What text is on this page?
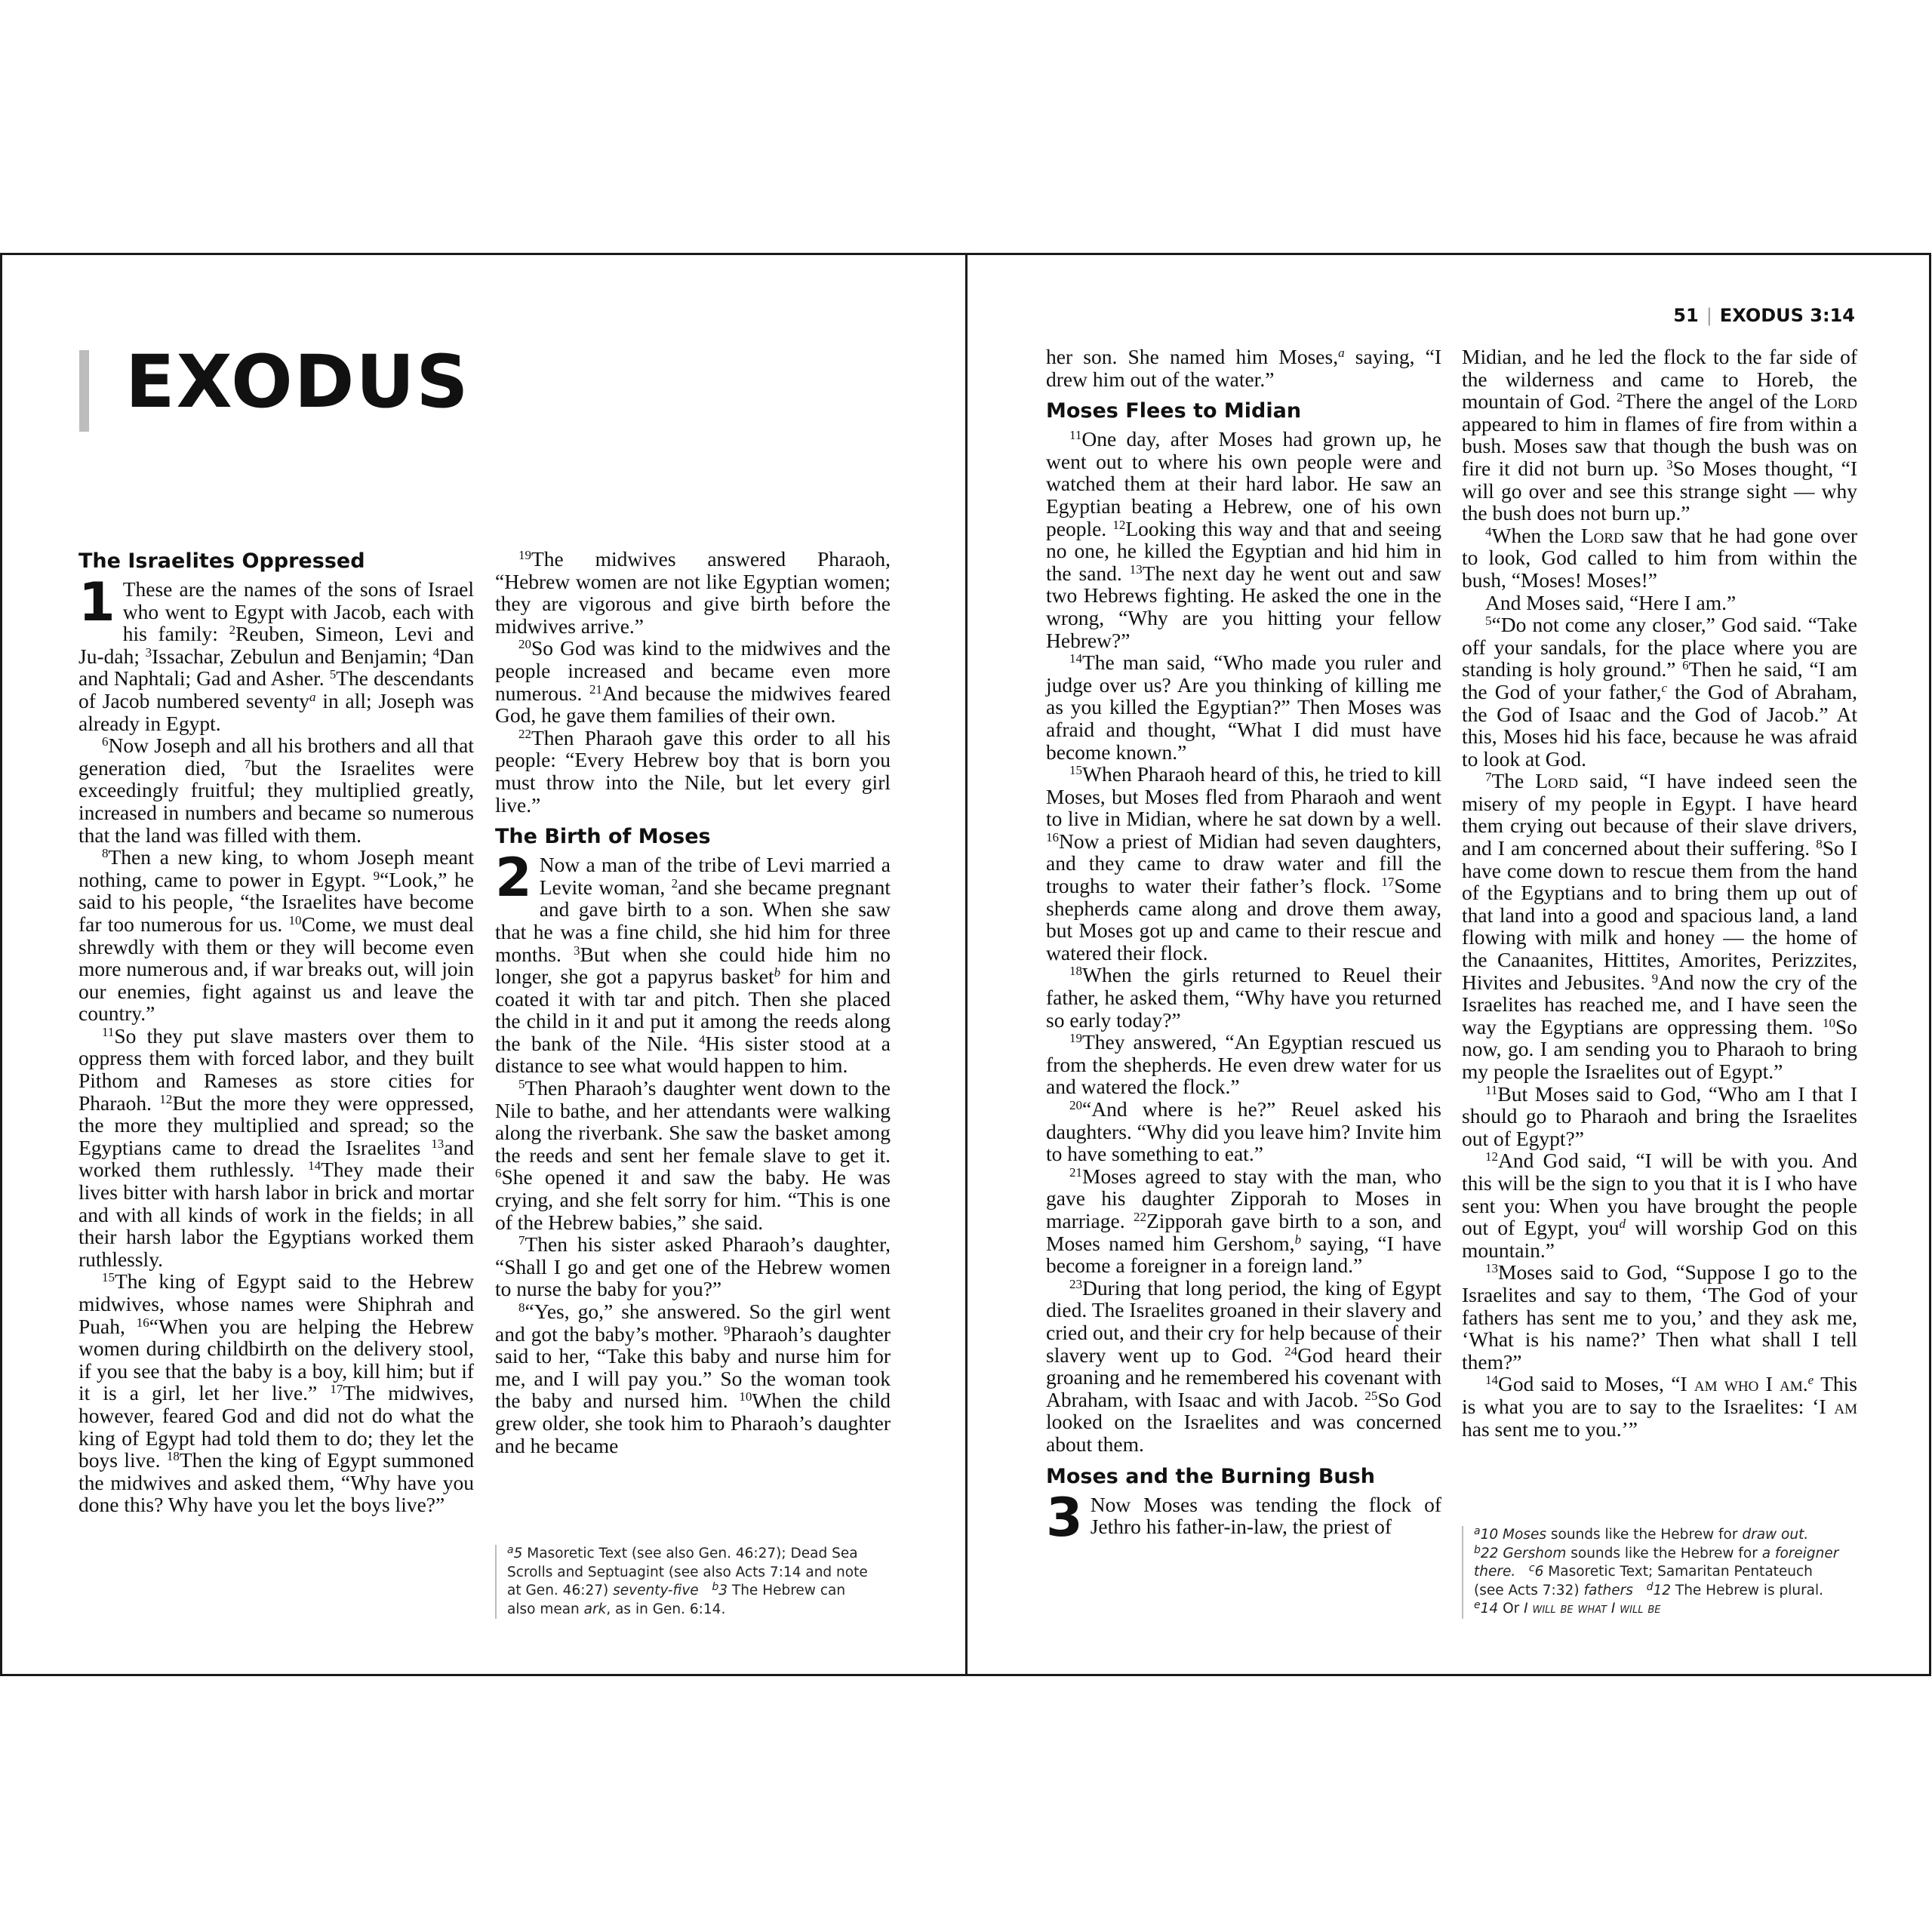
EXODUS
The Israelites Oppressed

1 These are the names of the sons of Israel who went to Egypt with Jacob, each with his family: $^2$Reuben, Simeon, Levi and Ju-dah; $^3$Issachar, Zebulun and Benjamin; $^4$Dan and Naphtali; Gad and Asher. $^5$The descendants of Jacob numbered seventy$^a$ in all; Joseph was already in Egypt.

$^6$Now Joseph and all his brothers and all that generation died, $^7$but the Israelites were exceedingly fruitful; they multiplied greatly, increased in numbers and became so numerous that the land was filled with them.

$^8$Then a new king, to whom Joseph meant nothing, came to power in Egypt. $^9$“Look,” he said to his people, “the Israelites have become far too numerous for us. $^{10}$Come, we must deal shrewdly with them or they will become even more numerous and, if war breaks out, will join our enemies, fight against us and leave the country.”

$^{11}$So they put slave masters over them to oppress them with forced labor, and they built Pithom and Rameses as store cities for Pharaoh. $^{12}$But the more they were oppressed, the more they multiplied and spread; so the Egyptians came to dread the Israelites $^{13}$and worked them ruthlessly. $^{14}$They made their lives bitter with harsh labor in brick and mortar and with all kinds of work in the fields; in all their harsh labor the Egyptians worked them ruthlessly.

$^{15}$The king of Egypt said to the Hebrew midwives, whose names were Shiphrah and Puah, $^{16}$“When you are helping the Hebrew women during childbirth on the delivery stool, if you see that the baby is a boy, kill him; but if it is a girl, let her live.” $^{17}$The midwives, however, feared God and did not do what the king of Egypt had told them to do; they let the boys live. $^{18}$Then the king of Egypt summoned the midwives and asked them, “Why have you done this? Why have you let the boys live?”

$^{19}$The midwives answered Pharaoh, “Hebrew women are not like Egyptian women; they are vigorous and give birth before the midwives arrive.”

$^{20}$So God was kind to the midwives and the people increased and became even more numerous. $^{21}$And because the midwives feared God, he gave them families of their own.

$^{22}$Then Pharaoh gave this order to all his people: “Every Hebrew boy that is born you must throw into the Nile, but let every girl live.”

The Birth of Moses

2 Now a man of the tribe of Levi married a Levite woman, $^2$and she became pregnant and gave birth to a son. When she saw that he was a fine child, she hid him for three months. $^3$But when she could hide him no longer, she got a papyrus basket$^b$ for him and coated it with tar and pitch. Then she placed the child in it and put it among the reeds along the bank of the Nile. $^4$His sister stood at a distance to see what would happen to him.

$^5$Then Pharaoh’s daughter went down to the Nile to bathe, and her attendants were walking along the riverbank. She saw the basket among the reeds and sent her female slave to get it. $^6$She opened it and saw the baby. He was crying, and she felt sorry for him. “This is one of the Hebrew babies,” she said.

$^7$Then his sister asked Pharaoh’s daughter, “Shall I go and get one of the Hebrew women to nurse the baby for you?”

$^8$“Yes, go,” she answered. So the girl went and got the baby’s mother. $^9$Pharaoh’s daughter said to her, “Take this baby and nurse him for me, and I will pay you.” So the woman took the baby and nursed him. $^{10}$When the child grew older, she took him to Pharaoh’s daughter and he became

$^a$5 Masoretic Text (see also Gen. 46:27); Dead Sea Scrolls and Septuagint (see also Acts 7:14 and note at Gen. 46:27) seventy-five $^b$3 The Hebrew can also mean ark, as in Gen. 6:14.
51 | EXODUS 3:14

her son. She named him Moses,$^a$ saying, “I drew him out of the water.”

Moses Flees to Midian

$^{11}$One day, after Moses had grown up, he went out to where his own people were and watched them at their hard labor. He saw an Egyptian beating a Hebrew, one of his own people. $^{12}$Looking this way and that and seeing no one, he killed the Egyptian and hid him in the sand. $^{13}$The next day he went out and saw two Hebrews fighting. He asked the one in the wrong, “Why are you hitting your fellow Hebrew?”

$^{14}$The man said, “Who made you ruler and judge over us? Are you thinking of killing me as you killed the Egyptian?” Then Moses was afraid and thought, “What I did must have become known.”

$^{15}$When Pharaoh heard of this, he tried to kill Moses, but Moses fled from Pharaoh and went to live in Midian, where he sat down by a well. $^{16}$Now a priest of Midian had seven daughters, and they came to draw water and fill the troughs to water their father’s flock. $^{17}$Some shepherds came along and drove them away, but Moses got up and came to their rescue and watered their flock.

$^{18}$When the girls returned to Reuel their father, he asked them, “Why have you returned so early today?”

$^{19}$They answered, “An Egyptian rescued us from the shepherds. He even drew water for us and watered the flock.”

$^{20}$“And where is he?” Reuel asked his daughters. “Why did you leave him? Invite him to have something to eat.”

$^{21}$Moses agreed to stay with the man, who gave his daughter Zipporah to Moses in marriage. $^{22}$Zipporah gave birth to a son, and Moses named him Gershom,$^b$ saying, “I have become a foreigner in a foreign land.”

$^{23}$During that long period, the king of Egypt died. The Israelites groaned in their slavery and cried out, and their cry for help because of their slavery went up to God. $^{24}$God heard their groaning and he remembered his covenant with Abraham, with Isaac and with Jacob. $^{25}$So God looked on the Israelites and was concerned about them.

Moses and the Burning Bush

3 Now Moses was tending the flock of Jethro his father-in-law, the priest of

Midian, and he led the flock to the far side of the wilderness and came to Horeb, the mountain of God. $^2$There the angel of the Lord appeared to him in flames of fire from within a bush. Moses saw that though the bush was on fire it did not burn up. $^3$So Moses thought, “I will go over and see this strange sight — why the bush does not burn up.”

$^4$When the Lord saw that he had gone over to look, God called to him from within the bush, “Moses! Moses!”

And Moses said, “Here I am.”

$^5$“Do not come any closer,” God said. “Take off your sandals, for the place where you are standing is holy ground.” $^6$Then he said, “I am the God of your father,$^c$ the God of Abraham, the God of Isaac and the God of Jacob.” At this, Moses hid his face, because he was afraid to look at God.

$^7$The Lord said, “I have indeed seen the misery of my people in Egypt. I have heard them crying out because of their slave drivers, and I am concerned about their suffering. $^8$So I have come down to rescue them from the hand of the Egyptians and to bring them up out of that land into a good and spacious land, a land flowing with milk and honey — the home of the Canaanites, Hittites, Amorites, Perizzites, Hivites and Jebusites. $^9$And now the cry of the Israelites has reached me, and I have seen the way the Egyptians are oppressing them. $^{10}$So now, go. I am sending you to Pharaoh to bring my people the Israelites out of Egypt.”

$^{11}$But Moses said to God, “Who am I that I should go to Pharaoh and bring the Israelites out of Egypt?”

$^{12}$And God said, “I will be with you. And this will be the sign to you that it is I who have sent you: When you have brought the people out of Egypt, you$^d$ will worship God on this mountain.”

$^{13}$Moses said to God, “Suppose I go to the Israelites and say to them, ‘The God of your fathers has sent me to you,’ and they ask me, ‘What is his name?’ Then what shall I tell them?”

$^{14}$God said to Moses, “I am who I am.$^e$ This is what you are to say to the Israelites: ‘I am has sent me to you.’”

$^a$10 Moses sounds like the Hebrew for draw out.
$^b$22 Gershom sounds like the Hebrew for a foreigner there. $^c$6 Masoretic Text; Samaritan Pentateuch (see Acts 7:32) fathers $^d$12 The Hebrew is plural.
$^e$14 Or I will be what I will be
